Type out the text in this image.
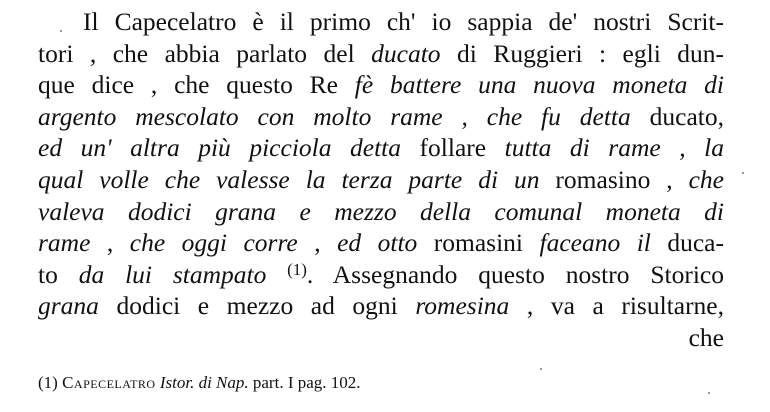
Il Capecelatro è il primo ch' io sappia de' nostri Scrit-
tori , che abbia parlato del ducato di Ruggieri : egli dun-
que dice , che questo Re fè battere una nuova moneta di
argento mescolato con molto rame , che fu detta ducato,
ed un' altra più picciola detta follare tutta di rame , la
qual volle che valesse la terza parte di un romasino , che
valeva dodici grana e mezzo della comunal moneta di
rame , che oggi corre , ed otto romasini faceano il duca-
to da lui stampato $^{(1)}$. Assegnando questo nostro Storico
grana dodici e mezzo ad ogni romesina , va a risultarne,
che
(1) Capecelatro Istor. di Nap. part. I pag. 102.
